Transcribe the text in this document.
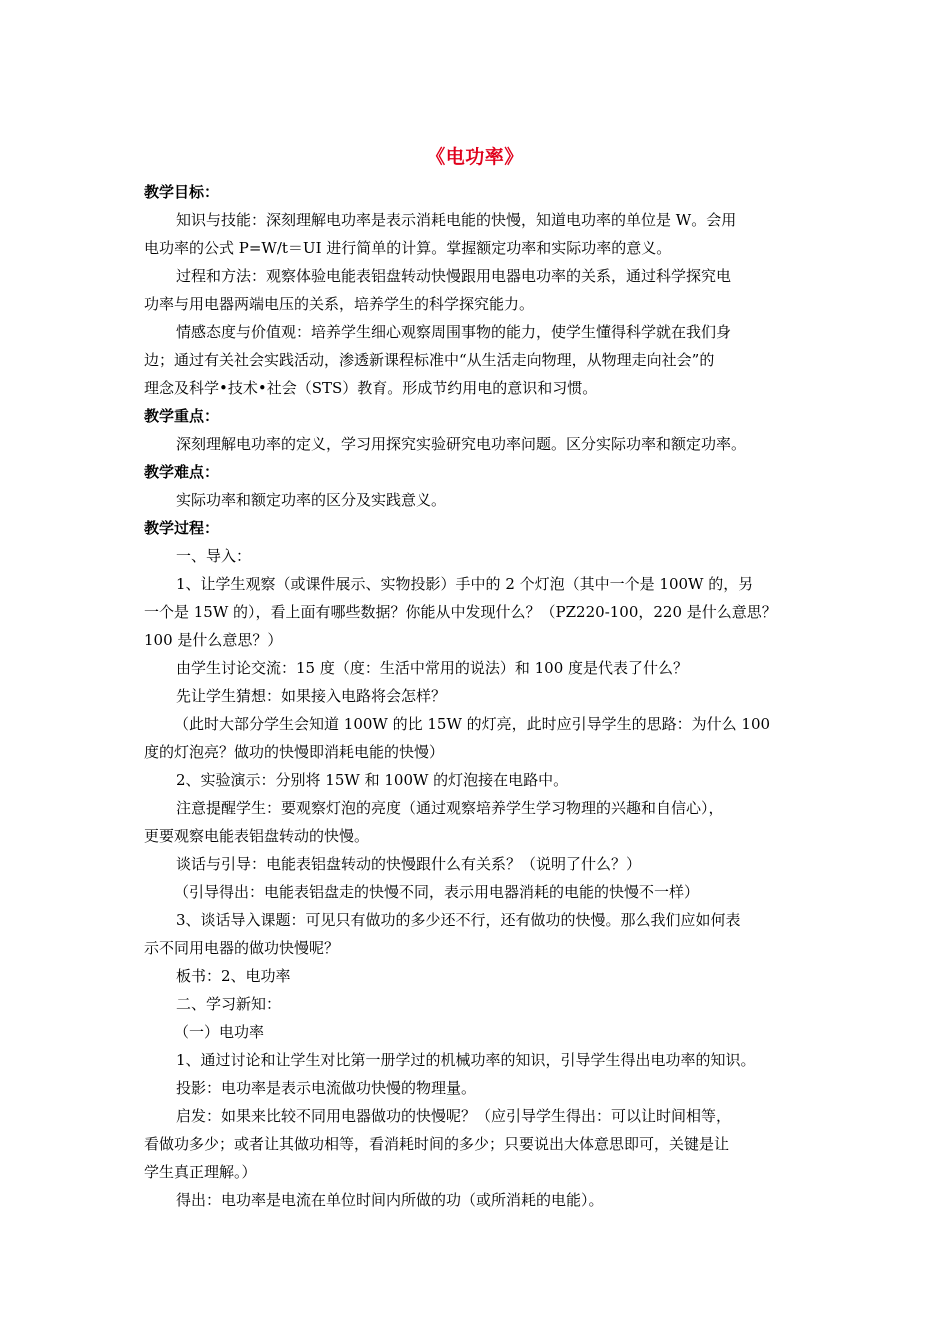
《电功率》
教学目标：
知识与技能：深刻理解电功率是表示消耗电能的快慢，知道电功率的单位是 W。会用
电功率的公式 P=W/t＝UI 进行简单的计算。掌握额定功率和实际功率的意义。
过程和方法：观察体验电能表铝盘转动快慢跟用电器电功率的关系，通过科学探究电
功率与用电器两端电压的关系，培养学生的科学探究能力。
情感态度与价值观：培养学生细心观察周围事物的能力，使学生懂得科学就在我们身
边；通过有关社会实践活动，渗透新课程标准中“从生活走向物理，从物理走向社会”的
理念及科学•技术•社会（STS）教育。形成节约用电的意识和习惯。
教学重点：
深刻理解电功率的定义，学习用探究实验研究电功率问题。区分实际功率和额定功率。
教学难点：
实际功率和额定功率的区分及实践意义。
教学过程：
一、导入：
1、让学生观察（或课件展示、实物投影）手中的 2 个灯泡（其中一个是 100W 的，另
一个是 15W 的），看上面有哪些数据？你能从中发现什么？（PZ220-100，220 是什么意思？
100 是什么意思？）
由学生讨论交流：15 度（度：生活中常用的说法）和 100 度是代表了什么？
先让学生猜想：如果接入电路将会怎样？
（此时大部分学生会知道 100W 的比 15W 的灯亮，此时应引导学生的思路：为什么 100
度的灯泡亮？做功的快慢即消耗电能的快慢）
2、实验演示：分别将 15W 和 100W 的灯泡接在电路中。
注意提醒学生：要观察灯泡的亮度（通过观察培养学生学习物理的兴趣和自信心），
更要观察电能表铝盘转动的快慢。
谈话与引导：电能表铝盘转动的快慢跟什么有关系？（说明了什么？）
（引导得出：电能表铝盘走的快慢不同，表示用电器消耗的电能的快慢不一样）
3、谈话导入课题：可见只有做功的多少还不行，还有做功的快慢。那么我们应如何表
示不同用电器的做功快慢呢？
板书：2、电功率
二、学习新知：
（一）电功率
1、通过讨论和让学生对比第一册学过的机械功率的知识，引导学生得出电功率的知识。
投影：电功率是表示电流做功快慢的物理量。
启发：如果来比较不同用电器做功的快慢呢？（应引导学生得出：可以让时间相等，
看做功多少；或者让其做功相等，看消耗时间的多少；只要说出大体意思即可，关键是让
学生真正理解。）
得出：电功率是电流在单位时间内所做的功（或所消耗的电能）。
